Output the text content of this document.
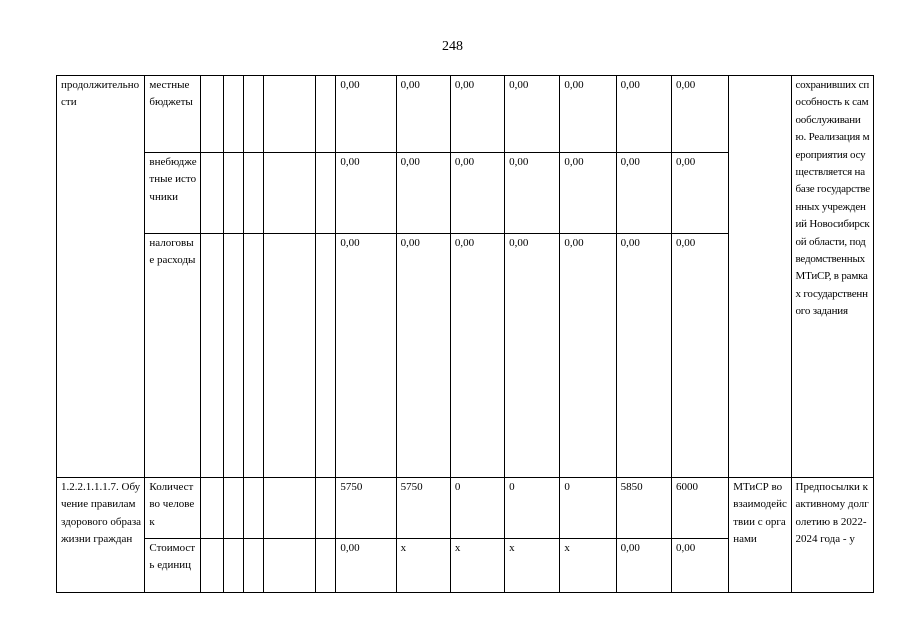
248
продолжительности	местные бюджеты						0,00	0,00	0,00	0,00	0,00	0,00	0,00		сохранивших способность к самообслуживанию. Реализация мероприятия осуществляется на базе государственных учреждений Новосибирской области, подведомственных МТиСР, в рамках государственного задания
	внебюджетные источники						0,00	0,00	0,00	0,00	0,00	0,00	0,00		
	налоговые расходы						0,00	0,00	0,00	0,00	0,00	0,00	0,00		
1.2.2.1.1.1.7. Обучение правилам здорового образа жизни граждан	Количество человек						5750	5750	0	0	0	5850	6000	МТиСР во взаимодействии с органами	Предпосылки к активному долголетию в 2022-2024 года - у
	Стоимость единиц						0,00	х	х	х	х	0,00	0,00		
